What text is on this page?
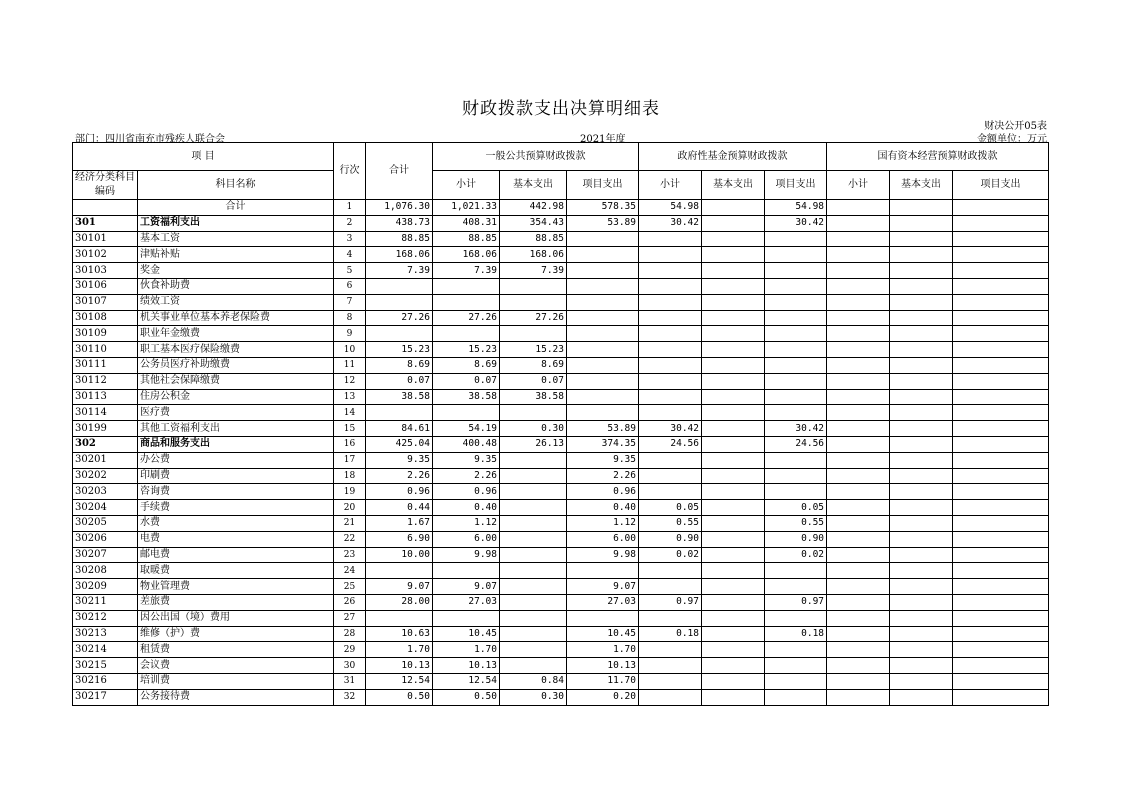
财政拨款支出决算明细表
财决公开05表
部门：四川省南充市残疾人联合会	2021年度	金额单位：万元
项 目		行次	合计	一般公共预算财政拨款			政府性基金预算财政拨款			国有资本经营预算财政拨款		
经济分类科目编码	科目名称			小计	基本支出	项目支出	小计	基本支出	项目支出	小计	基本支出	项目支出
	合计	1	1,076.30	1,021.33	442.98	578.35	54.98		54.98			
301	工资福利支出	2	438.73	408.31	354.43	53.89	30.42		30.42			
30101	基本工资	3	88.85	88.85	88.85							
30102	津贴补贴	4	168.06	168.06	168.06							
30103	奖金	5	7.39	7.39	7.39							
30106	伙食补助费	6										
30107	绩效工资	7										
30108	机关事业单位基本养老保险费	8	27.26	27.26	27.26							
30109	职业年金缴费	9										
30110	职工基本医疗保险缴费	10	15.23	15.23	15.23							
30111	公务员医疗补助缴费	11	8.69	8.69	8.69							
30112	其他社会保障缴费	12	0.07	0.07	0.07							
30113	住房公积金	13	38.58	38.58	38.58							
30114	医疗费	14										
30199	其他工资福利支出	15	84.61	54.19	0.30	53.89	30.42		30.42			
302	商品和服务支出	16	425.04	400.48	26.13	374.35	24.56		24.56			
30201	办公费	17	9.35	9.35		9.35						
30202	印刷费	18	2.26	2.26		2.26						
30203	咨询费	19	0.96	0.96		0.96						
30204	手续费	20	0.44	0.40		0.40	0.05		0.05			
30205	水费	21	1.67	1.12		1.12	0.55		0.55			
30206	电费	22	6.90	6.00		6.00	0.90		0.90			
30207	邮电费	23	10.00	9.98		9.98	0.02		0.02			
30208	取暖费	24										
30209	物业管理费	25	9.07	9.07		9.07						
30211	差旅费	26	28.00	27.03		27.03	0.97		0.97			
30212	因公出国（境）费用	27										
30213	维修（护）费	28	10.63	10.45		10.45	0.18		0.18			
30214	租赁费	29	1.70	1.70		1.70						
30215	会议费	30	10.13	10.13		10.13						
30216	培训费	31	12.54	12.54	0.84	11.70						
30217	公务接待费	32	0.50	0.50	0.30	0.20						
